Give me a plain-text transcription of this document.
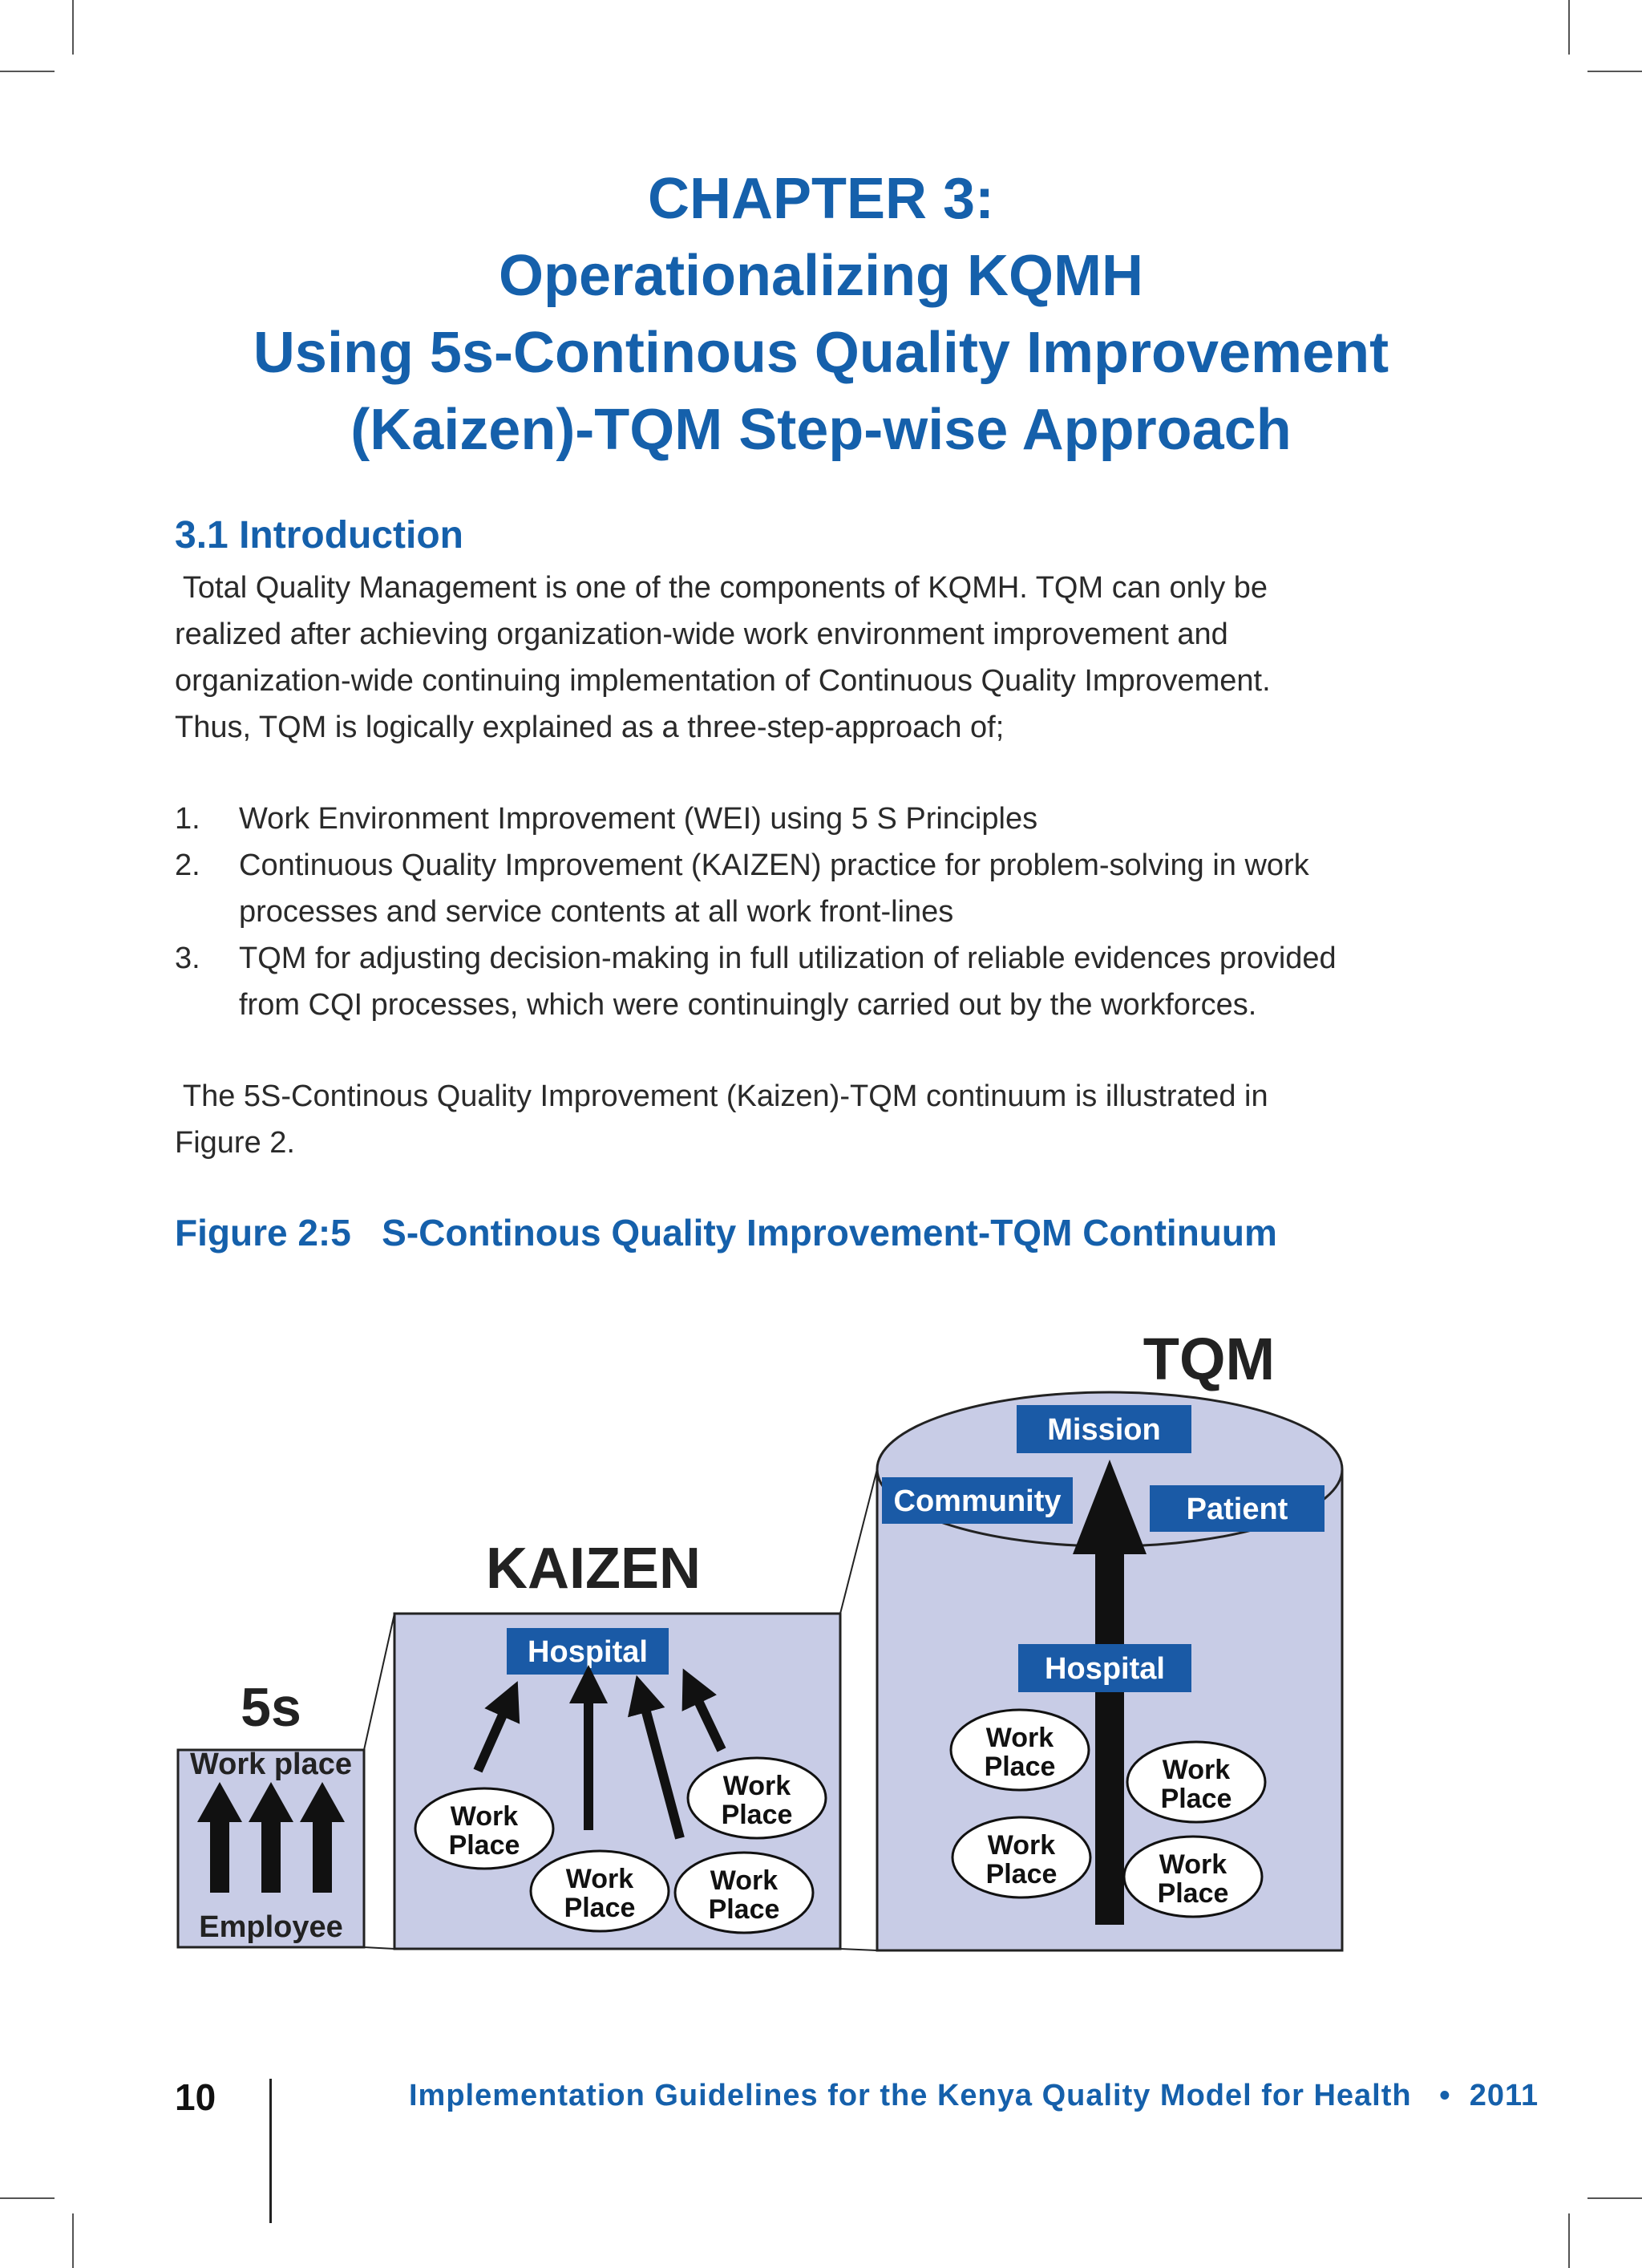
CHAPTER 3:
Operationalizing KQMH
Using 5s-Continous Quality Improvement
(Kaizen)-TQM Step-wise Approach
3.1 Introduction
Total Quality Management is one of the components of KQMH. TQM can only be
realized after achieving organization-wide work environment improvement and
organization-wide continuing implementation of Continuous Quality Improvement.
Thus, TQM is logically explained as a three-step-approach of;
1. Work Environment Improvement (WEI) using 5 S Principles
2. Continuous Quality Improvement (KAIZEN) practice for problem-solving in work
processes and service contents at all work front-lines
3. TQM for adjusting decision-making in full utilization of reliable evidences provided
from CQI processes, which were continuingly carried out by the workforces.
The 5S-Continous Quality Improvement (Kaizen)-TQM continuum is illustrated in
Figure 2.
Figure 2:5   S-Continous Quality Improvement-TQM Continuum
5s
Work place
Employee
KAIZEN
Hospital
Work
Place
Work
Place
Work
Place
Work
Place
TQM
Mission
Community	Patient
Hospital
Work
Place	Work
Place
Work
Place	Work
Place
10	Implementation Guidelines for the Kenya Quality Model for Health   •  2011
